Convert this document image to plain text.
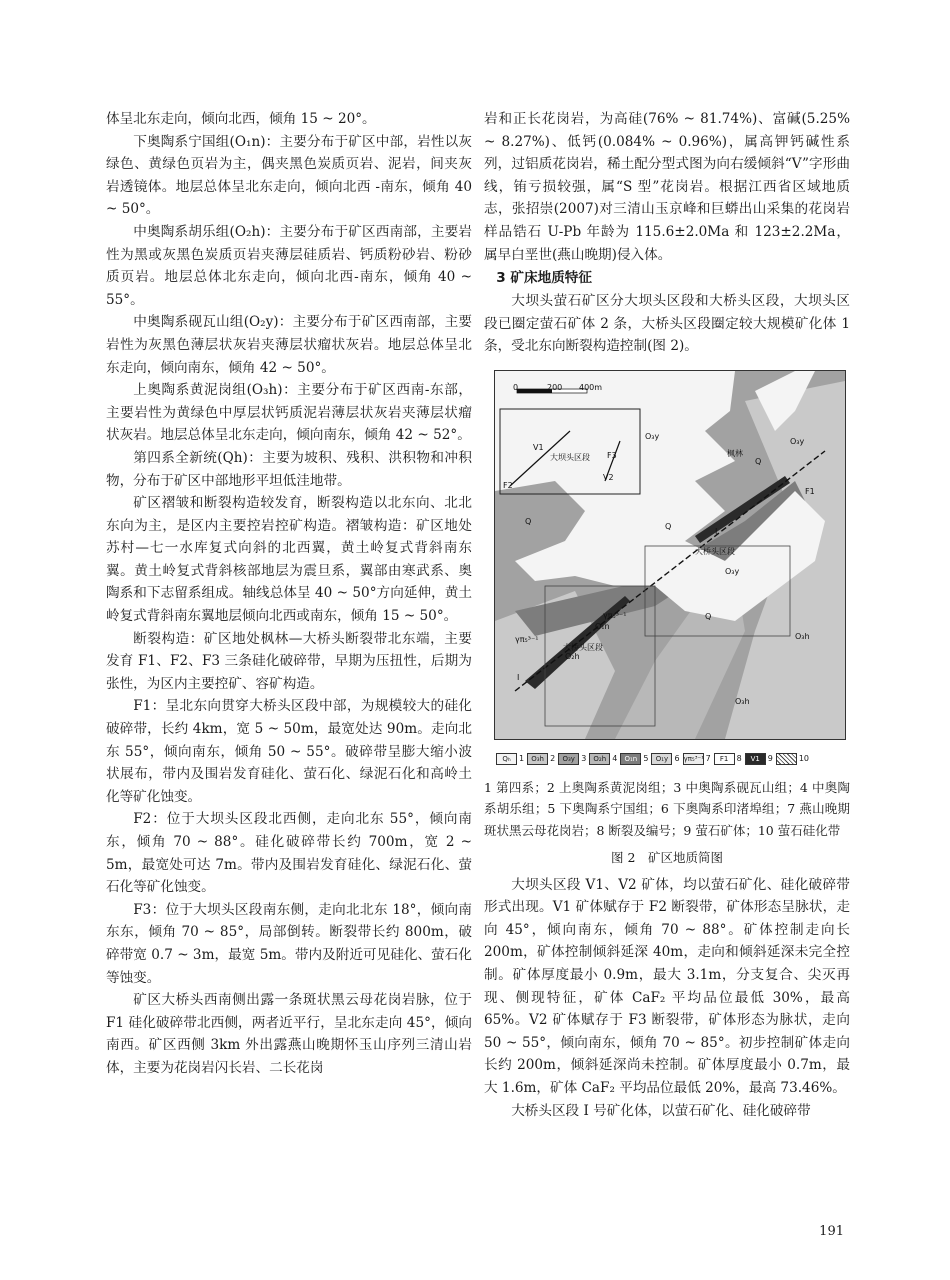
体呈北东走向，倾向北西，倾角 15 ~ 20°。

下奥陶系宁国组(O₁n)：主要分布于矿区中部，岩性以灰绿色、黄绿色页岩为主，偶夹黑色炭质页岩、泥岩，间夹灰岩透镜体。地层总体呈北东走向，倾向北西 -南东，倾角 40 ~ 50°。

中奥陶系胡乐组(O₂h)：主要分布于矿区西南部，主要岩性为黑或灰黑色炭质页岩夹薄层硅质岩、钙质粉砂岩、粉砂质页岩。地层总体北东走向，倾向北西-南东，倾角 40 ~ 55°。

中奥陶系砚瓦山组(O₂y)：主要分布于矿区西南部，主要岩性为灰黑色薄层状灰岩夹薄层状瘤状灰岩。地层总体呈北东走向，倾向南东，倾角 42 ~ 50°。

上奥陶系黄泥岗组(O₃h)：主要分布于矿区西南-东部，主要岩性为黄绿色中厚层状钙质泥岩薄层状灰岩夹薄层状瘤状灰岩。地层总体呈北东走向，倾向南东，倾角 42 ~ 52°。

第四系全新统(Qh)：主要为坡积、残积、洪积物和冲积物，分布于矿区中部地形平坦低洼地带。

矿区褶皱和断裂构造较发育，断裂构造以北东向、北北东向为主，是区内主要控岩控矿构造。褶皱构造：矿区地处苏村—七一水库复式向斜的北西翼，黄土岭复式背斜南东翼。黄土岭复式背斜核部地层为震旦系，翼部由寒武系、奥陶系和下志留系组成。轴线总体呈 40 ~ 50°方向延伸，黄土岭复式背斜南东翼地层倾向北西或南东，倾角 15 ~ 50°。

断裂构造：矿区地处枫林—大桥头断裂带北东端，主要发育 F1、F2、F3 三条硅化破碎带，早期为压扭性，后期为张性，为区内主要控矿、容矿构造。

F1：呈北东向贯穿大桥头区段中部，为规模较大的硅化破碎带，长约 4km，宽 5 ~ 50m，最宽处达 90m。走向北东 55°，倾向南东，倾角 50 ~ 55°。破碎带呈膨大缩小波状展布，带内及围岩发育硅化、萤石化、绿泥石化和高岭土化等矿化蚀变。

F2：位于大坝头区段北西侧，走向北东 55°，倾向南东，倾角 70 ~ 88°。硅化破碎带长约 700m，宽 2 ~ 5m，最宽处可达 7m。带内及围岩发育硅化、绿泥石化、萤石化等矿化蚀变。

F3：位于大坝头区段南东侧，走向北北东 18°，倾向南东东，倾角 70 ~ 85°，局部倒转。断裂带长约 800m，破碎带宽 0.7 ~ 3m，最宽 5m。带内及附近可见硅化、萤石化等蚀变。

矿区大桥头西南侧出露一条斑状黑云母花岗岩脉，位于 F1 硅化破碎带北西侧，两者近平行，呈北东走向 45°，倾向南西。矿区西侧 3km 外出露燕山晚期怀玉山序列三清山岩体，主要为花岗岩闪长岩、二长花岗

岩和正长花岗岩，为高硅(76% ~ 81.74%)、富碱(5.25% ~ 8.27%)、低钙(0.084% ~ 0.96%)，属高钾钙碱性系列，过铝质花岗岩，稀土配分型式图为向右缓倾斜“V”字形曲线，铕亏损较强，属“S 型”花岗岩。根据江西省区域地质志，张招崇(2007)对三清山玉京峰和巨蟒出山采集的花岗岩样品锆石 U-Pb 年龄为 115.6±2.0Ma 和 123±2.2Ma，属早白垩世(燕山晚期)侵入体。

3 矿床地质特征

大坝头萤石矿区分大坝头区段和大桥头区段，大坝头区段已圈定萤石矿体 2 条，大桥头区段圈定较大规模矿化体 1 条，受北东向断裂构造控制(图 2)。

0	200 400m
O₃y
O₃y
O₃y
O₁n
O₂h
O₃h
O₃h
Q
Q
Q
Q
F1
F2
F3
V1
V2
I
I
大坝头区段
大桥头区段
大桥头区段
枫林
γπ₅³⁻¹
γπ₅³⁻¹
Qₕ	1	O₃h 2	O₃y 3	O₂h 4	O₁n 5	O₁y 6 γπ₅³⁻¹ 7	F1	8	V1 9	10
1 第四系；2 上奥陶系黄泥岗组；3 中奥陶系砚瓦山组；4 中奥陶系胡乐组；5 下奥陶系宁国组；6 下奥陶系印渚埠组；7 燕山晚期斑状黑云母花岗岩；8 断裂及编号；9 萤石矿体；10 萤石硅化带
图 2　矿区地质简图

大坝头区段 V1、V2 矿体，均以萤石矿化、硅化破碎带形式出现。V1 矿体赋存于 F2 断裂带，矿体形态呈脉状，走向 45°，倾向南东，倾角 70 ~ 88°。矿体控制走向长 200m，矿体控制倾斜延深 40m，走向和倾斜延深未完全控制。矿体厚度最小 0.9m，最大 3.1m，分支复合、尖灭再现、侧现特征，矿体 CaF₂ 平均品位最低 30%，最高 65%。V2 矿体赋存于 F3 断裂带，矿体形态为脉状，走向 50 ~ 55°，倾向南东，倾角 70 ~ 85°。初步控制矿体走向长约 200m，倾斜延深尚未控制。矿体厚度最小 0.7m，最大 1.6m，矿体 CaF₂ 平均品位最低 20%，最高 73.46%。

大桥头区段 I 号矿化体，以萤石矿化、硅化破碎带

191
